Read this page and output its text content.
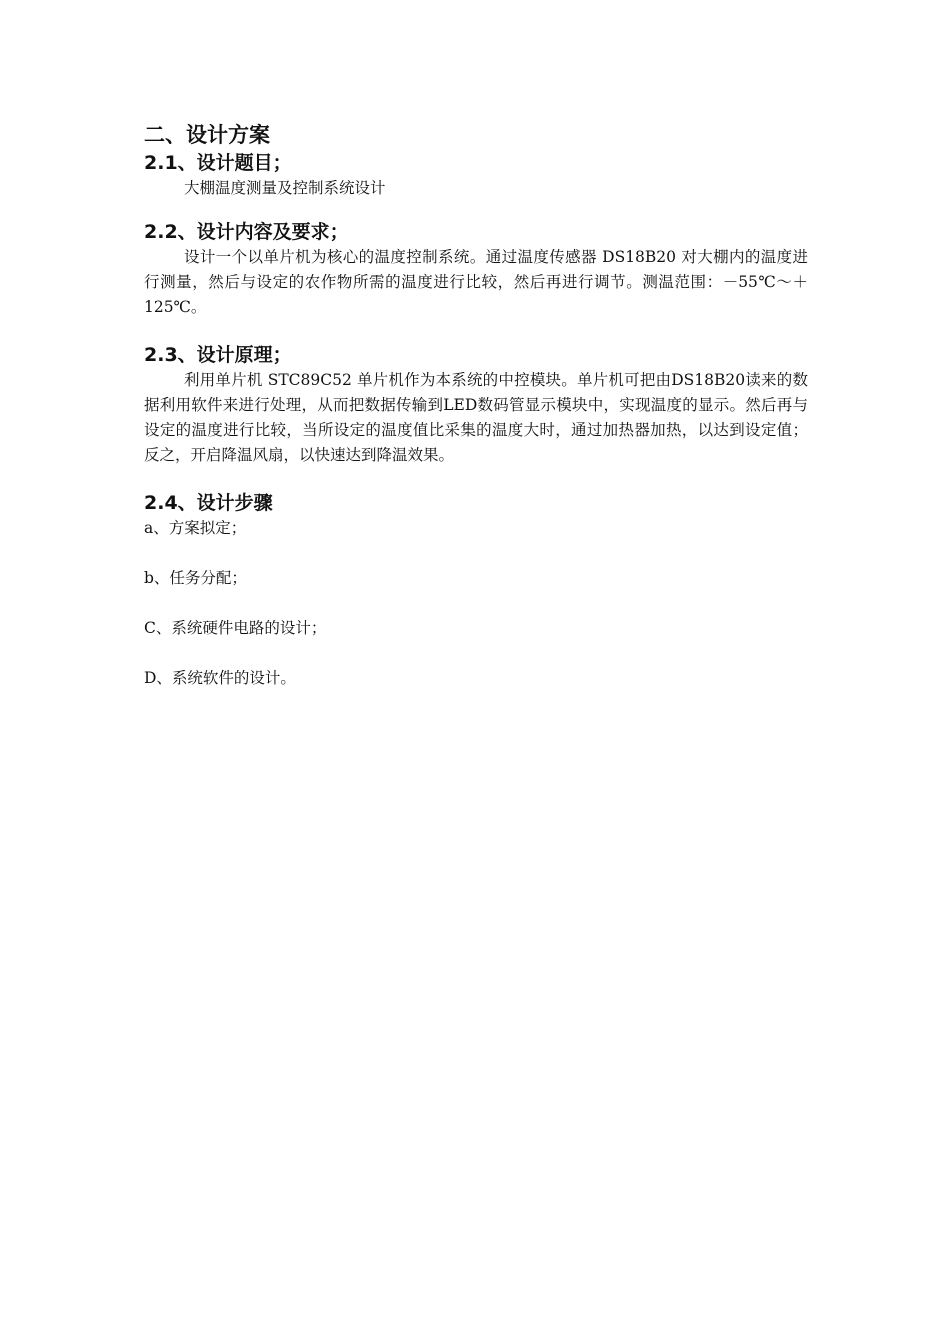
二、设计方案
2.1、设计题目；

大棚温度测量及控制系统设计

2.2、设计内容及要求；

设计一个以单片机为核心的温度控制系统。通过温度传感器 DS18B20 对大棚内的温度进行测量，然后与设定的农作物所需的温度进行比较，然后再进行调节。测温范围：－55℃～＋125℃。

2.3、设计原理；

利用单片机 STC89C52 单片机作为本系统的中控模块。单片机可把由DS18B20读来的数据利用软件来进行处理，从而把数据传输到LED数码管显示模块中，实现温度的显示。然后再与设定的温度进行比较，当所设定的温度值比采集的温度大时，通过加热器加热，以达到设定值；反之，开启降温风扇，以快速达到降温效果。

2.4、设计步骤

a、方案拟定；

b、任务分配；

C、系统硬件电路的设计；

D、系统软件的设计。
